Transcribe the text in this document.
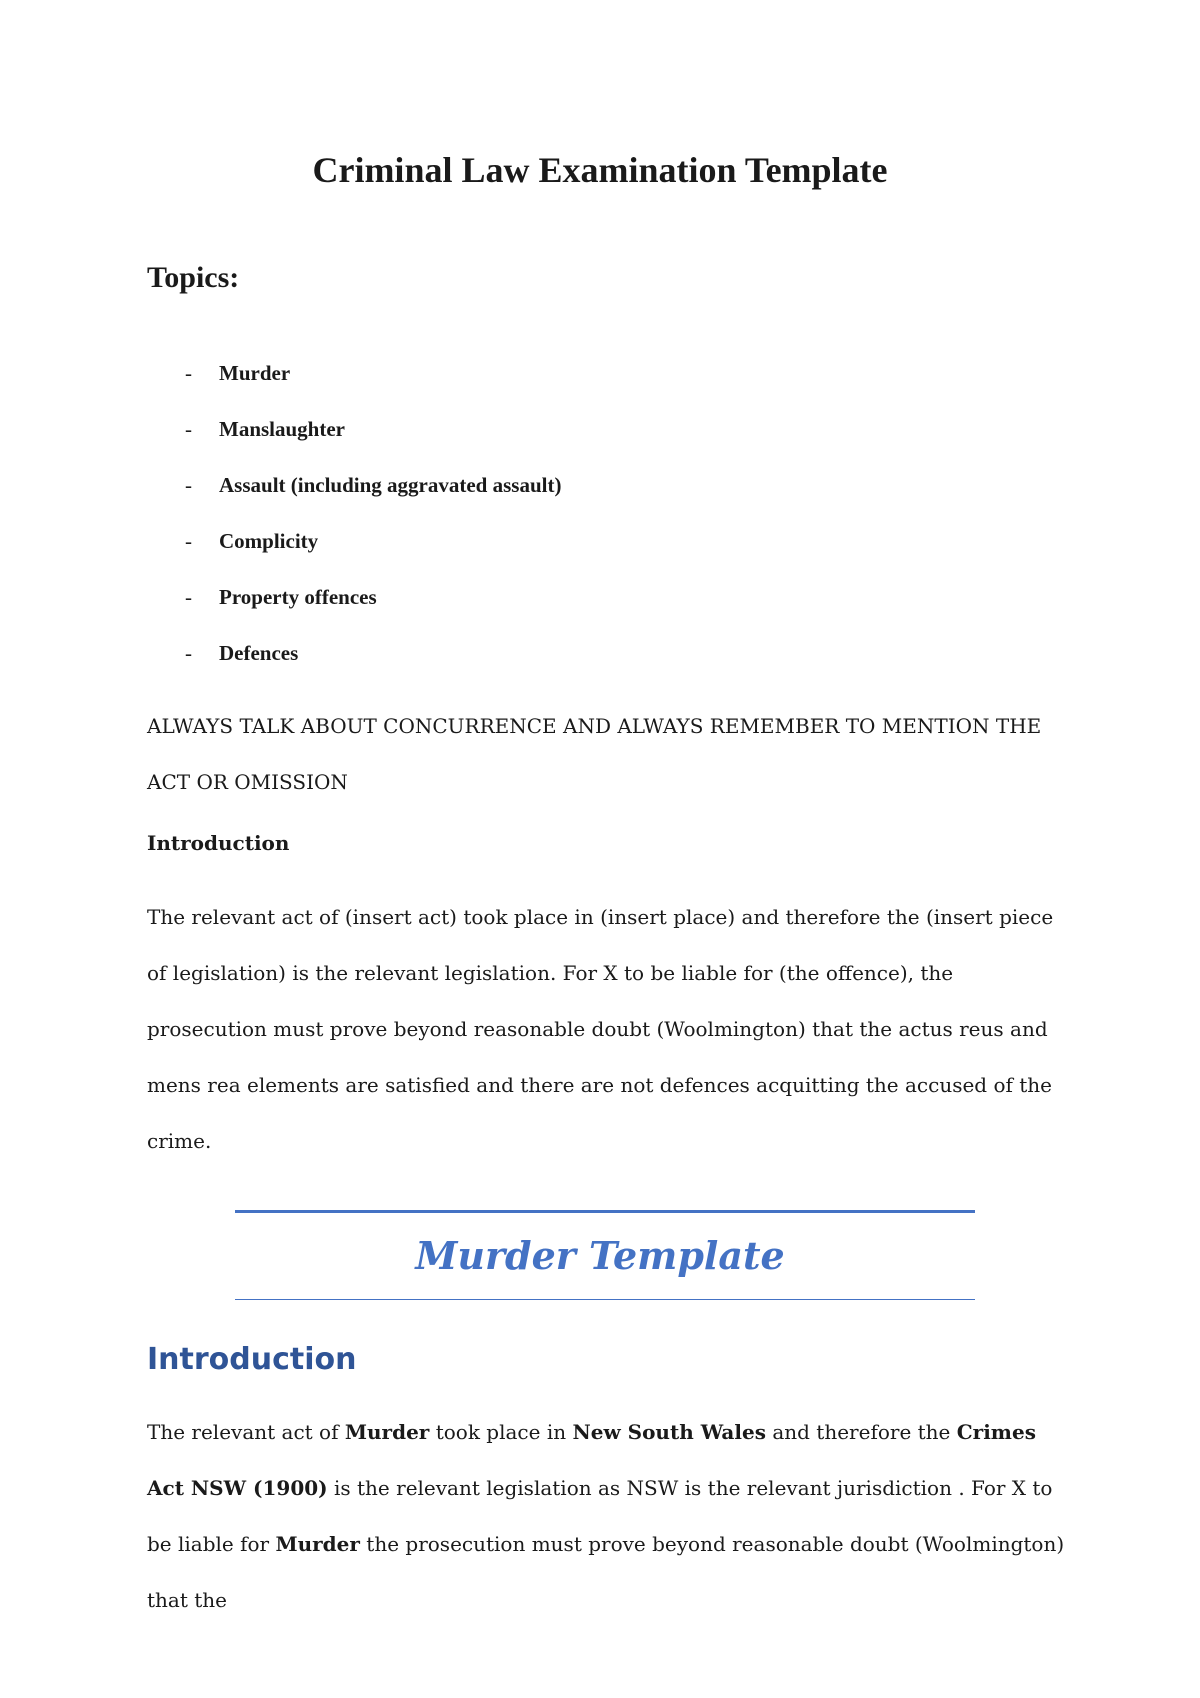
Criminal Law Examination Template
Topics:
-	Murder
-	Manslaughter
-	Assault (including aggravated assault)
-	Complicity
-	Property offences
-	Defences

ALWAYS TALK ABOUT CONCURRENCE AND ALWAYS REMEMBER TO MENTION THE ACT OR OMISSION

Introduction

The relevant act of (insert act) took place in (insert place) and therefore the (insert piece of legislation) is the relevant legislation. For X to be liable for (the offence), the prosecution must prove beyond reasonable doubt (Woolmington) that the actus reus and mens rea elements are satisfied and there are not defences acquitting the accused of the crime.

Murder Template
Introduction

The relevant act of Murder took place in New South Wales and therefore the Crimes Act NSW (1900) is the relevant legislation as NSW is the relevant jurisdiction . For X to be liable for Murder the prosecution must prove beyond reasonable doubt (Woolmington) that the
